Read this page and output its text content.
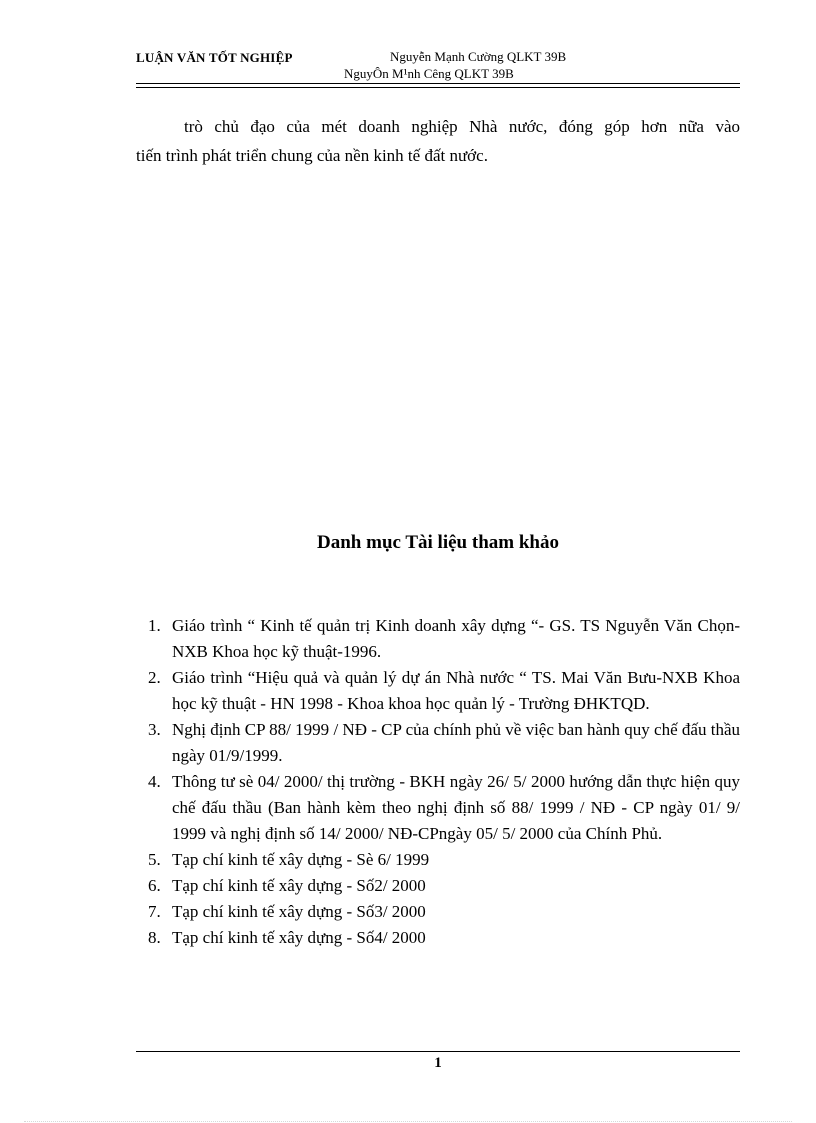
LUẬN VĂN TỐT NGHIỆP	Nguyễn Mạnh Cường QLKT 39B
NguyÔn M¹nh Cêng QLKT 39B
trò chủ đạo của mét doanh nghiệp Nhà nước, đóng góp hơn nữa vào
tiến trình phát triển chung của nền kinh tế đất nước.
Danh mục Tài liệu tham khảo
1. Giáo trình “ Kinh tế quản trị Kinh doanh xây dựng “- GS. TS Nguyễn Văn Chọn- NXB Khoa học kỹ thuật-1996.
2. Giáo trình “Hiệu quả và quản lý dự án Nhà nước “ TS. Mai Văn Bưu-NXB Khoa học kỹ thuật - HN 1998 - Khoa khoa học quản lý - Trường ĐHKTQD.
3. Nghị định CP 88/ 1999 / NĐ - CP của chính phủ về việc ban hành quy chế đấu thầu ngày 01/9/1999.
4. Thông tư sè 04/ 2000/ thị trường - BKH ngày 26/ 5/ 2000 hướng dẫn thực hiện quy chế đấu thầu (Ban hành kèm theo nghị định số 88/ 1999 / NĐ - CP ngày 01/ 9/ 1999 và nghị định số 14/ 2000/ NĐ-CPngày 05/ 5/ 2000 của Chính Phủ.
5. Tạp chí kinh tế xây dựng - Sè 6/ 1999
6. Tạp chí kinh tế xây dựng - Số2/ 2000
7. Tạp chí kinh tế xây dựng - Số3/ 2000
8. Tạp chí kinh tế xây dựng - Số4/ 2000
1
